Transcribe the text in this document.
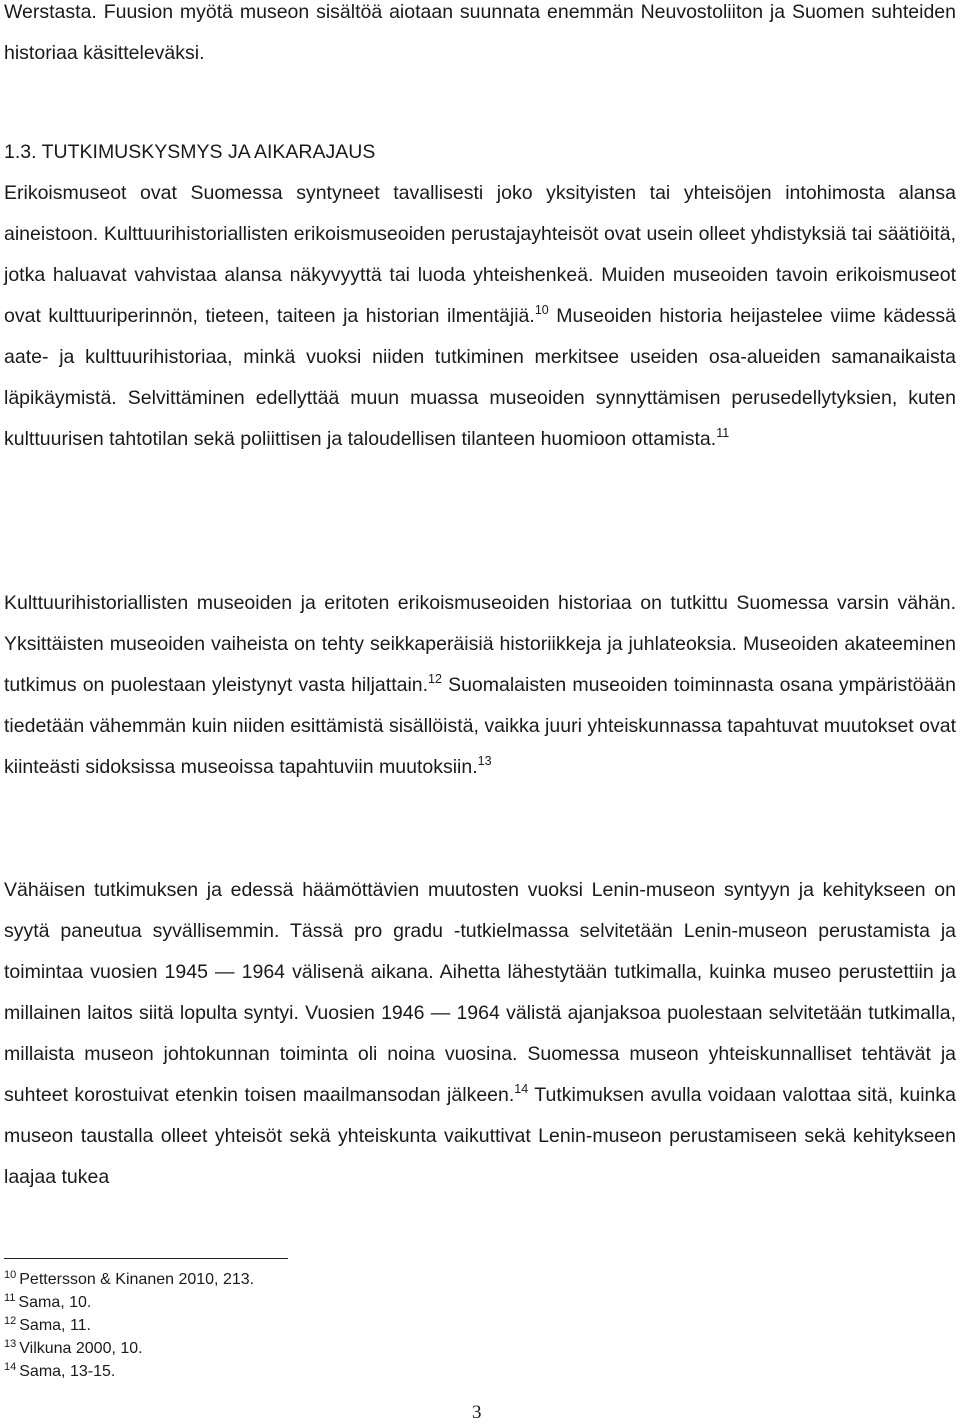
Werstasta. Fuusion myötä museon sisältöä aiotaan suunnata enemmän Neuvostoliiton ja Suomen suhteiden historiaa käsitteleväksi.

1.3. TUTKIMUSKYSMYS JA AIKARAJAUS

Erikoismuseot ovat Suomessa syntyneet tavallisesti joko yksityisten tai yhteisöjen intohimosta alansa aineistoon. Kulttuurihistoriallisten erikoismuseoiden perustajayhteisöt ovat usein olleet yhdistyksiä tai säätiöitä, jotka haluavat vahvistaa alansa näkyvyyttä tai luoda yhteishenkeä. Muiden museoiden tavoin erikoismuseot ovat kulttuuriperinnön, tieteen, taiteen ja historian ilmentäjiä.$^{10}$ Museoiden historia heijastelee viime kädessä aate- ja kulttuurihistoriaa, minkä vuoksi niiden tutkiminen merkitsee useiden osa-alueiden samanaikaista läpikäymistä. Selvittäminen edellyttää muun muassa museoiden synnyttämisen perusedellytyksien, kuten kulttuurisen tahtotilan sekä poliittisen ja taloudellisen tilanteen huomioon ottamista.$^{11}$

Kulttuurihistoriallisten museoiden ja eritoten erikoismuseoiden historiaa on tutkittu Suomessa varsin vähän. Yksittäisten museoiden vaiheista on tehty seikkaperäisiä historiikkeja ja juhlateoksia. Museoiden akateeminen tutkimus on puolestaan yleistynyt vasta hiljattain.$^{12}$ Suomalaisten museoiden toiminnasta osana ympäristöään tiedetään vähemmän kuin niiden esittämistä sisällöistä, vaikka juuri yhteiskunnassa tapahtuvat muutokset ovat kiinteästi sidoksissa museoissa tapahtuviin muutoksiin.$^{13}$

Vähäisen tutkimuksen ja edessä häämöttävien muutosten vuoksi Lenin-museon syntyyn ja kehitykseen on syytä paneutua syvällisemmin. Tässä pro gradu -tutkielmassa selvitetään Lenin-museon perustamista ja toimintaa vuosien 1945 — 1964 välisenä aikana. Aihetta lähestytään tutkimalla, kuinka museo perustettiin ja millainen laitos siitä lopulta syntyi. Vuosien 1946 — 1964 välistä ajanjaksoa puolestaan selvitetään tutkimalla, millaista museon johtokunnan toiminta oli noina vuosina. Suomessa museon yhteiskunnalliset tehtävät ja suhteet korostuivat etenkin toisen maailmansodan jälkeen.$^{14}$ Tutkimuksen avulla voidaan valottaa sitä, kuinka museon taustalla olleet yhteisöt sekä yhteiskunta vaikuttivat Lenin-museon perustamiseen sekä kehitykseen laajaa tukea

$^{10}$ Pettersson & Kinanen 2010, 213.
$^{11}$ Sama, 10.
$^{12}$ Sama, 11.
$^{13}$ Vilkuna 2000, 10.
$^{14}$ Sama, 13-15.
3
